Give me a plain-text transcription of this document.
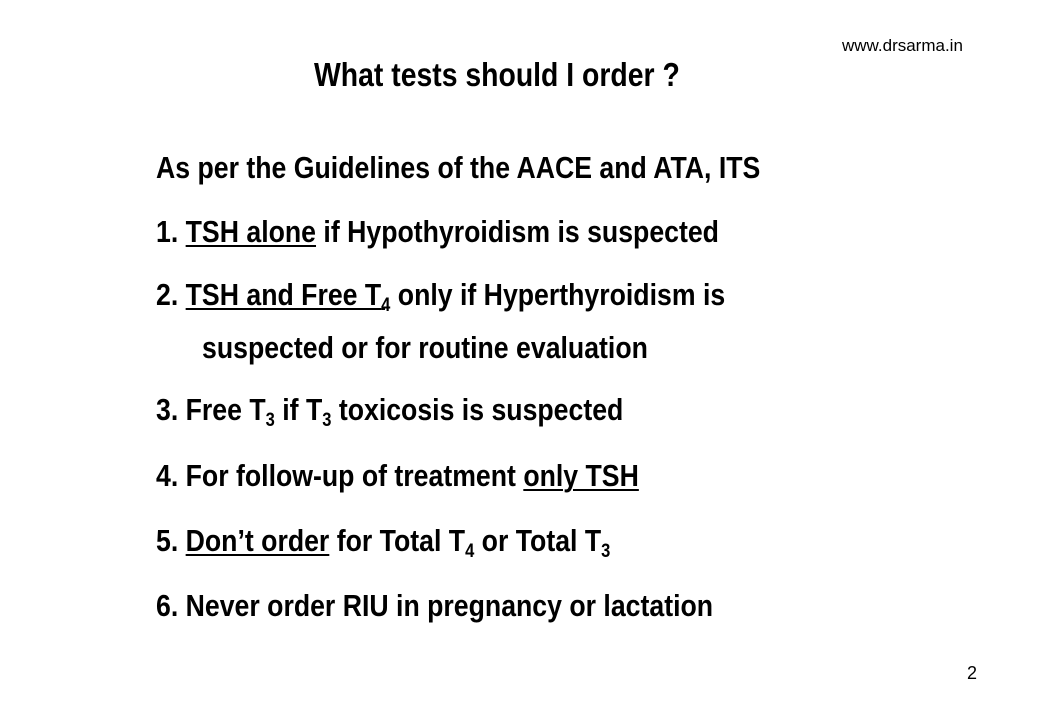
www.drsarma.in
What tests should I order ?
As per the Guidelines of the AACE and ATA, ITS
1. TSH alone if Hypothyroidism is suspected
2. TSH and Free $T_4$ only if Hyperthyroidism is
suspected or for routine evaluation
3. Free $T_3$ if $T_3$ toxicosis is suspected
4. For follow-up of treatment only TSH
5. Don’t order for Total $T_4$ or Total $T_3$
6. Never order RIU in pregnancy or lactation
2
